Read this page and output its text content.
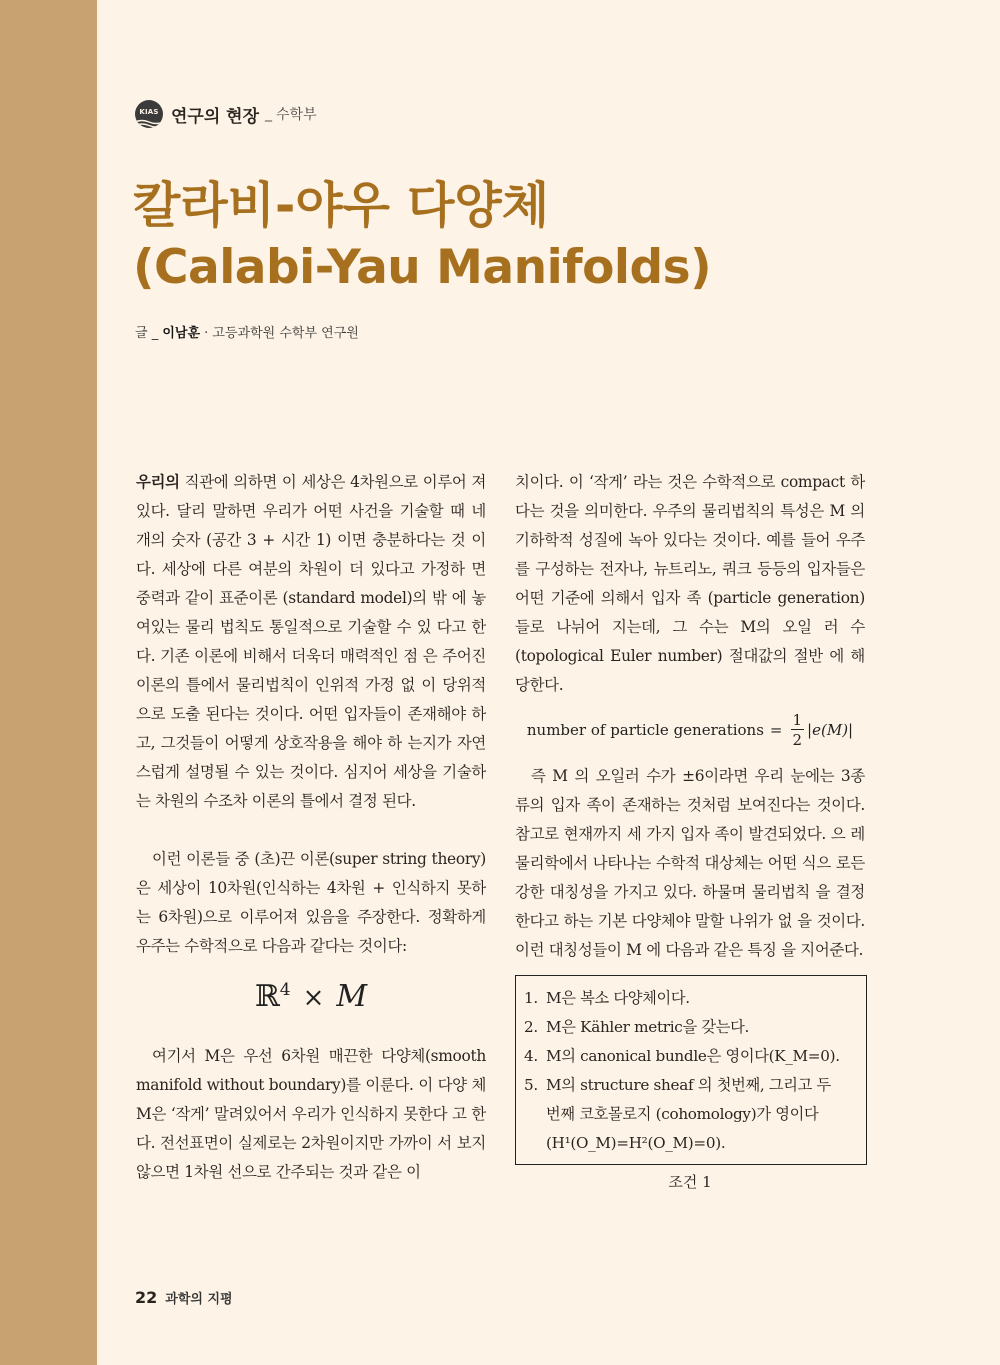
KIAS 연구의 현장 _ 수학부
칼라비-야우 다양체
(Calabi-Yau Manifolds)
글 _ 이남훈 · 고등과학원 수학부 연구원

우리의 직관에 의하면 이 세상은 4차원으로 이루어 져 있다. 달리 말하면 우리가 어떤 사건을 기술할 때 네 개의 숫자 (공간 3 + 시간 1) 이면 충분하다는 것 이다. 세상에 다른 여분의 차원이 더 있다고 가정하 면 중력과 같이 표준이론 (standard model)의 밖 에 놓여있는 물리 법칙도 통일적으로 기술할 수 있 다고 한다. 기존 이론에 비해서 더욱더 매력적인 점 은 주어진 이론의 틀에서 물리법칙이 인위적 가정 없 이 당위적으로 도출 된다는 것이다. 어떤 입자들이 존재해야 하고, 그것들이 어떻게 상호작용을 해야 하 는지가 자연스럽게 설명될 수 있는 것이다. 심지어 세상을 기술하는 차원의 수조차 이론의 틀에서 결정 된다.

이런 이론들 중 (초)끈 이론(super string theory) 은 세상이 10차원(인식하는 4차원 + 인식하지 못하 는 6차원)으로 이루어져 있음을 주장한다. 정확하게 우주는 수학적으로 다음과 같다는 것이다:

ℝ$^4$ × M

여기서 M은 우선 6차원 매끈한 다양체(smooth manifold without boundary)를 이룬다. 이 다양 체 M은 ‘작게’ 말려있어서 우리가 인식하지 못한다 고 한다. 전선표면이 실제로는 2차원이지만 가까이 서 보지 않으면 1차원 선으로 간주되는 것과 같은 이

치이다. 이 ‘작게’ 라는 것은 수학적으로 compact 하다는 것을 의미한다. 우주의 물리법칙의 특성은 M 의 기하학적 성질에 녹아 있다는 것이다. 예를 들어 우주를 구성하는 전자나, 뉴트리노, 쿼크 등등의 입자들은 어떤 기준에 의해서 입자 족 (particle generation)들로 나뉘어 지는데, 그 수는 M의 오일 러 수(topological Euler number) 절대값의 절반 에 해당한다.

number of particle generations = $\frac{1}{2} |e(M)|$

즉 M 의 오일러 수가 ±6이라면 우리 눈에는 3종 류의 입자 족이 존재하는 것처럼 보여진다는 것이다. 참고로 현재까지 세 가지 입자 족이 발견되었다. 으 레 물리학에서 나타나는 수학적 대상체는 어떤 식으 로든 강한 대칭성을 가지고 있다. 하물며 물리법칙 을 결정한다고 하는 기본 다양체야 말할 나위가 없 을 것이다. 이런 대칭성들이 M 에 다음과 같은 특징 을 지어준다.

1. M은 복소 다양체이다.
2. M은 Kähler metric을 갖는다.
4. M의 canonical bundle은 영이다(K_M=0).
5. M의 structure sheaf 의 첫번째, 그리고 두
번째 코호몰로지 (cohomology)가 영이다
(H¹(O_M)=H²(O_M)=0).
조건 1
22 과학의 지평
